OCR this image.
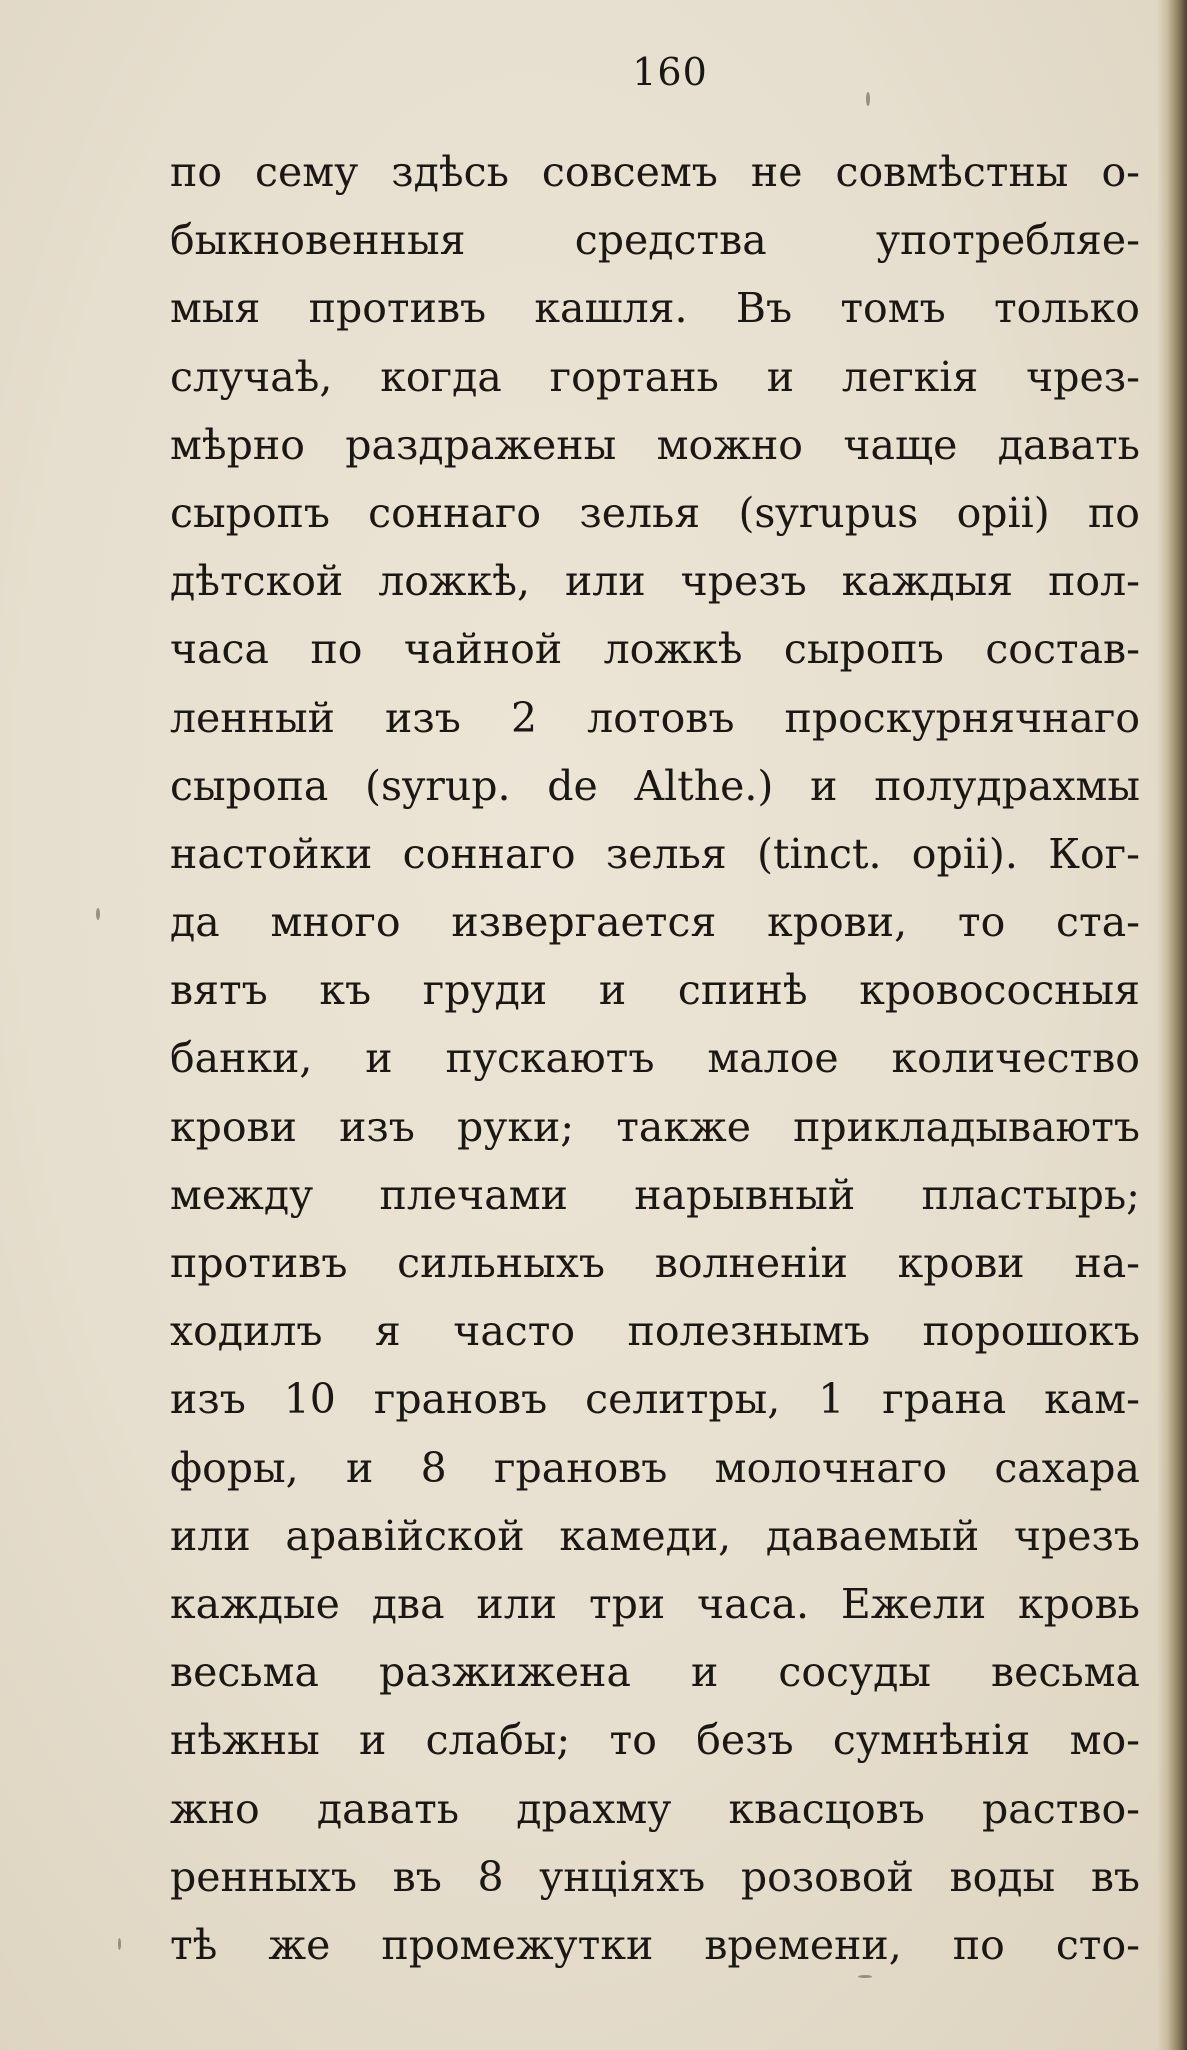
160
по сему здѣсь совсемъ не совмѣстны о-
быкновенныя средства употребляе-
мыя противъ кашля. Въ томъ только
случаѣ, когда гортань и легкія чрез-
мѣрно раздражены можно чаще давать
сыропъ соннаго зелья (syrupus opii) по
дѣтской ложкѣ, или чрезъ каждыя пол-
часа по чайной ложкѣ сыропъ состав-
ленный изъ 2 лотовъ проскурнячнаго
сыропа (syrup. de Althe.) и полудрахмы
настойки соннаго зелья (tinct. opii). Ког-
да много извергается крови, то ста-
вятъ къ груди и спинѣ кровососныя
банки, и пускаютъ малое количество
крови изъ руки; также прикладываютъ
между плечами нарывный пластырь;
противъ сильныхъ волненіи крови на-
ходилъ я часто полезнымъ порошокъ
изъ 10 грановъ селитры, 1 грана кам-
форы, и 8 грановъ молочнаго сахара
или аравійской камеди, даваемый чрезъ
каждые два или три часа. Ежели кровь
весьма разжижена и сосуды весьма
нѣжны и слабы; то безъ сумнѣнія мо-
жно давать драхму квасцовъ раство-
ренныхъ въ 8 унціяхъ розовой воды въ
тѣ же промежутки времени, по сто-
